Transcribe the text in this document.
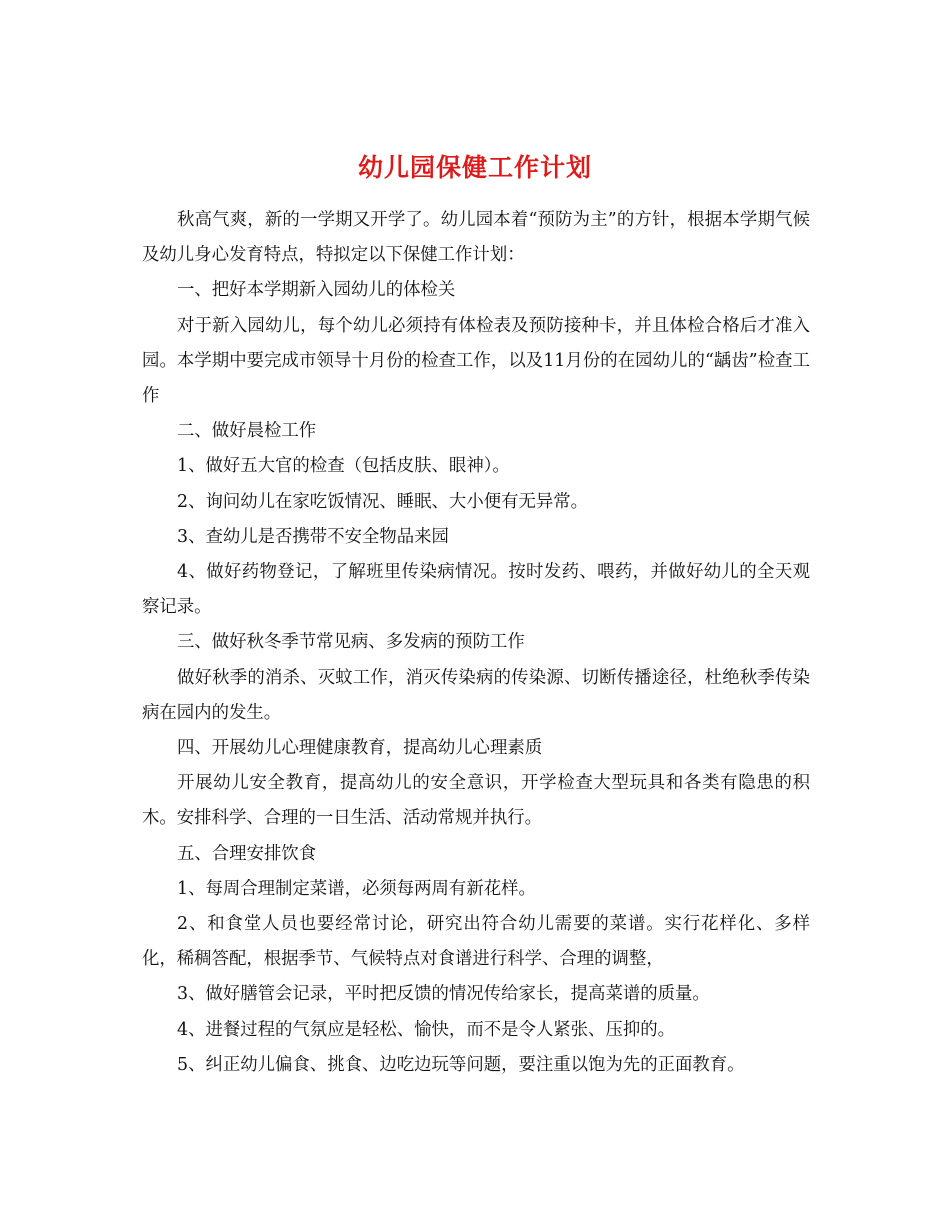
幼儿园保健工作计划

秋高气爽，新的一学期又开学了。幼儿园本着“预防为主”的方针，根据本学期气候及幼儿身心发育特点，特拟定以下保健工作计划：

一、把好本学期新入园幼儿的体检关

对于新入园幼儿，每个幼儿必须持有体检表及预防接种卡，并且体检合格后才准入园。本学期中要完成市领导十月份的检查工作，以及11月份的在园幼儿的“龋齿”检查工作

二、做好晨检工作

1、做好五大官的检查（包括皮肤、眼神）。

2、询问幼儿在家吃饭情况、睡眠、大小便有无异常。

3、查幼儿是否携带不安全物品来园

4、做好药物登记，了解班里传染病情况。按时发药、喂药，并做好幼儿的全天观察记录。

三、做好秋冬季节常见病、多发病的预防工作

做好秋季的消杀、灭蚊工作，消灭传染病的传染源、切断传播途径，杜绝秋季传染病在园内的发生。

四、开展幼儿心理健康教育，提高幼儿心理素质

开展幼儿安全教育，提高幼儿的安全意识，开学检查大型玩具和各类有隐患的积木。安排科学、合理的一日生活、活动常规并执行。

五、合理安排饮食

1、每周合理制定菜谱，必须每两周有新花样。

2、和食堂人员也要经常讨论，研究出符合幼儿需要的菜谱。实行花样化、多样化，稀稠答配，根据季节、气候特点对食谱进行科学、合理的调整，

3、做好膳管会记录，平时把反馈的情况传给家长，提高菜谱的质量。

4、进餐过程的气氛应是轻松、愉快，而不是令人紧张、压抑的。

5、纠正幼儿偏食、挑食、边吃边玩等问题，要注重以饱为先的正面教育。
